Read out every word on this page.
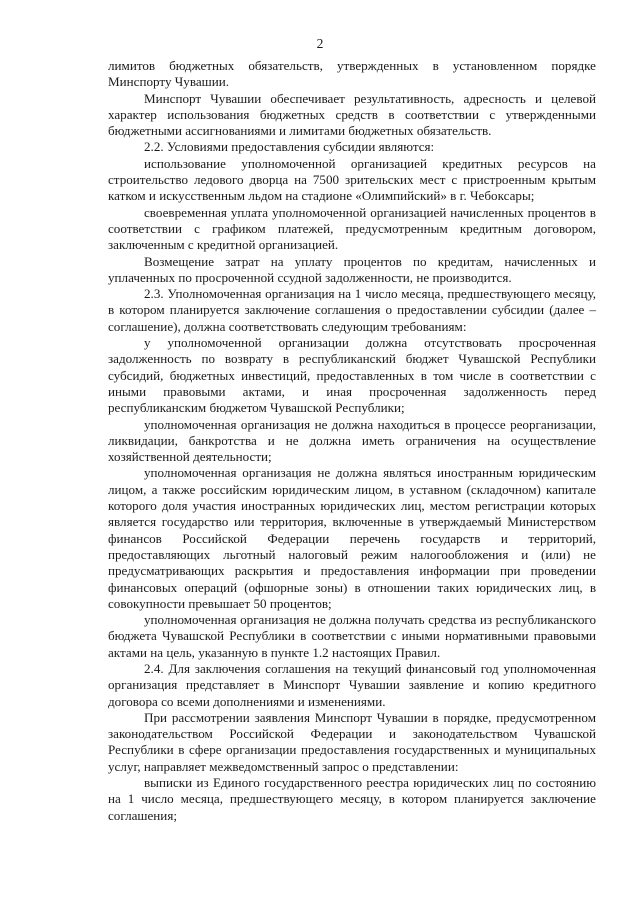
2

лимитов бюджетных обязательств, утвержденных в установленном порядке Минспорту Чувашии.

Минспорт Чувашии обеспечивает результативность, адресность и целевой характер использования бюджетных средств в соответствии с утвержденными бюджетными ассигнованиями и лимитами бюджетных обязательств.

2.2. Условиями предоставления субсидии являются:

использование уполномоченной организацией кредитных ресурсов на строительство ледового дворца на 7500 зрительских мест с пристроенным крытым катком и искусственным льдом на стадионе «Олимпийский» в г. Чебоксары;

своевременная уплата уполномоченной организацией начисленных процентов в соответствии с графиком платежей, предусмотренным кредитным договором, заключенным с кредитной организацией.

Возмещение затрат на уплату процентов по кредитам, начисленных и уплаченных по просроченной ссудной задолженности, не производится.

2.3. Уполномоченная организация на 1 число месяца, предшествующего месяцу, в котором планируется заключение соглашения о предоставлении субсидии (далее – соглашение), должна соответствовать следующим требованиям:

у уполномоченной организации должна отсутствовать просроченная задолженность по возврату в республиканский бюджет Чувашской Республики субсидий, бюджетных инвестиций, предоставленных в том числе в соответствии с иными правовыми актами, и иная просроченная задолженность перед республиканским бюджетом Чувашской Республики;

уполномоченная организация не должна находиться в процессе реорганизации, ликвидации, банкротства и не должна иметь ограничения на осуществление хозяйственной деятельности;

уполномоченная организация не должна являться иностранным юридическим лицом, а также российским юридическим лицом, в уставном (складочном) капитале которого доля участия иностранных юридических лиц, местом регистрации которых является государство или территория, включенные в утверждаемый Министерством финансов Российской Федерации перечень государств и территорий, предоставляющих льготный налоговый режим налогообложения и (или) не предусматривающих раскрытия и предоставления информации при проведении финансовых операций (офшорные зоны) в отношении таких юридических лиц, в совокупности превышает 50 процентов;

уполномоченная организация не должна получать средства из республиканского бюджета Чувашской Республики в соответствии с иными нормативными правовыми актами на цель, указанную в пункте 1.2 настоящих Правил.

2.4. Для заключения соглашения на текущий финансовый год уполномоченная организация представляет в Минспорт Чувашии заявление и копию кредитного договора со всеми дополнениями и изменениями.

При рассмотрении заявления Минспорт Чувашии в порядке, предусмотренном законодательством Российской Федерации и законодательством Чувашской Республики в сфере организации предоставления государственных и муниципальных услуг, направляет межведомственный запрос о представлении:

выписки из Единого государственного реестра юридических лиц по состоянию на 1 число месяца, предшествующего месяцу, в котором планируется заключение соглашения;
